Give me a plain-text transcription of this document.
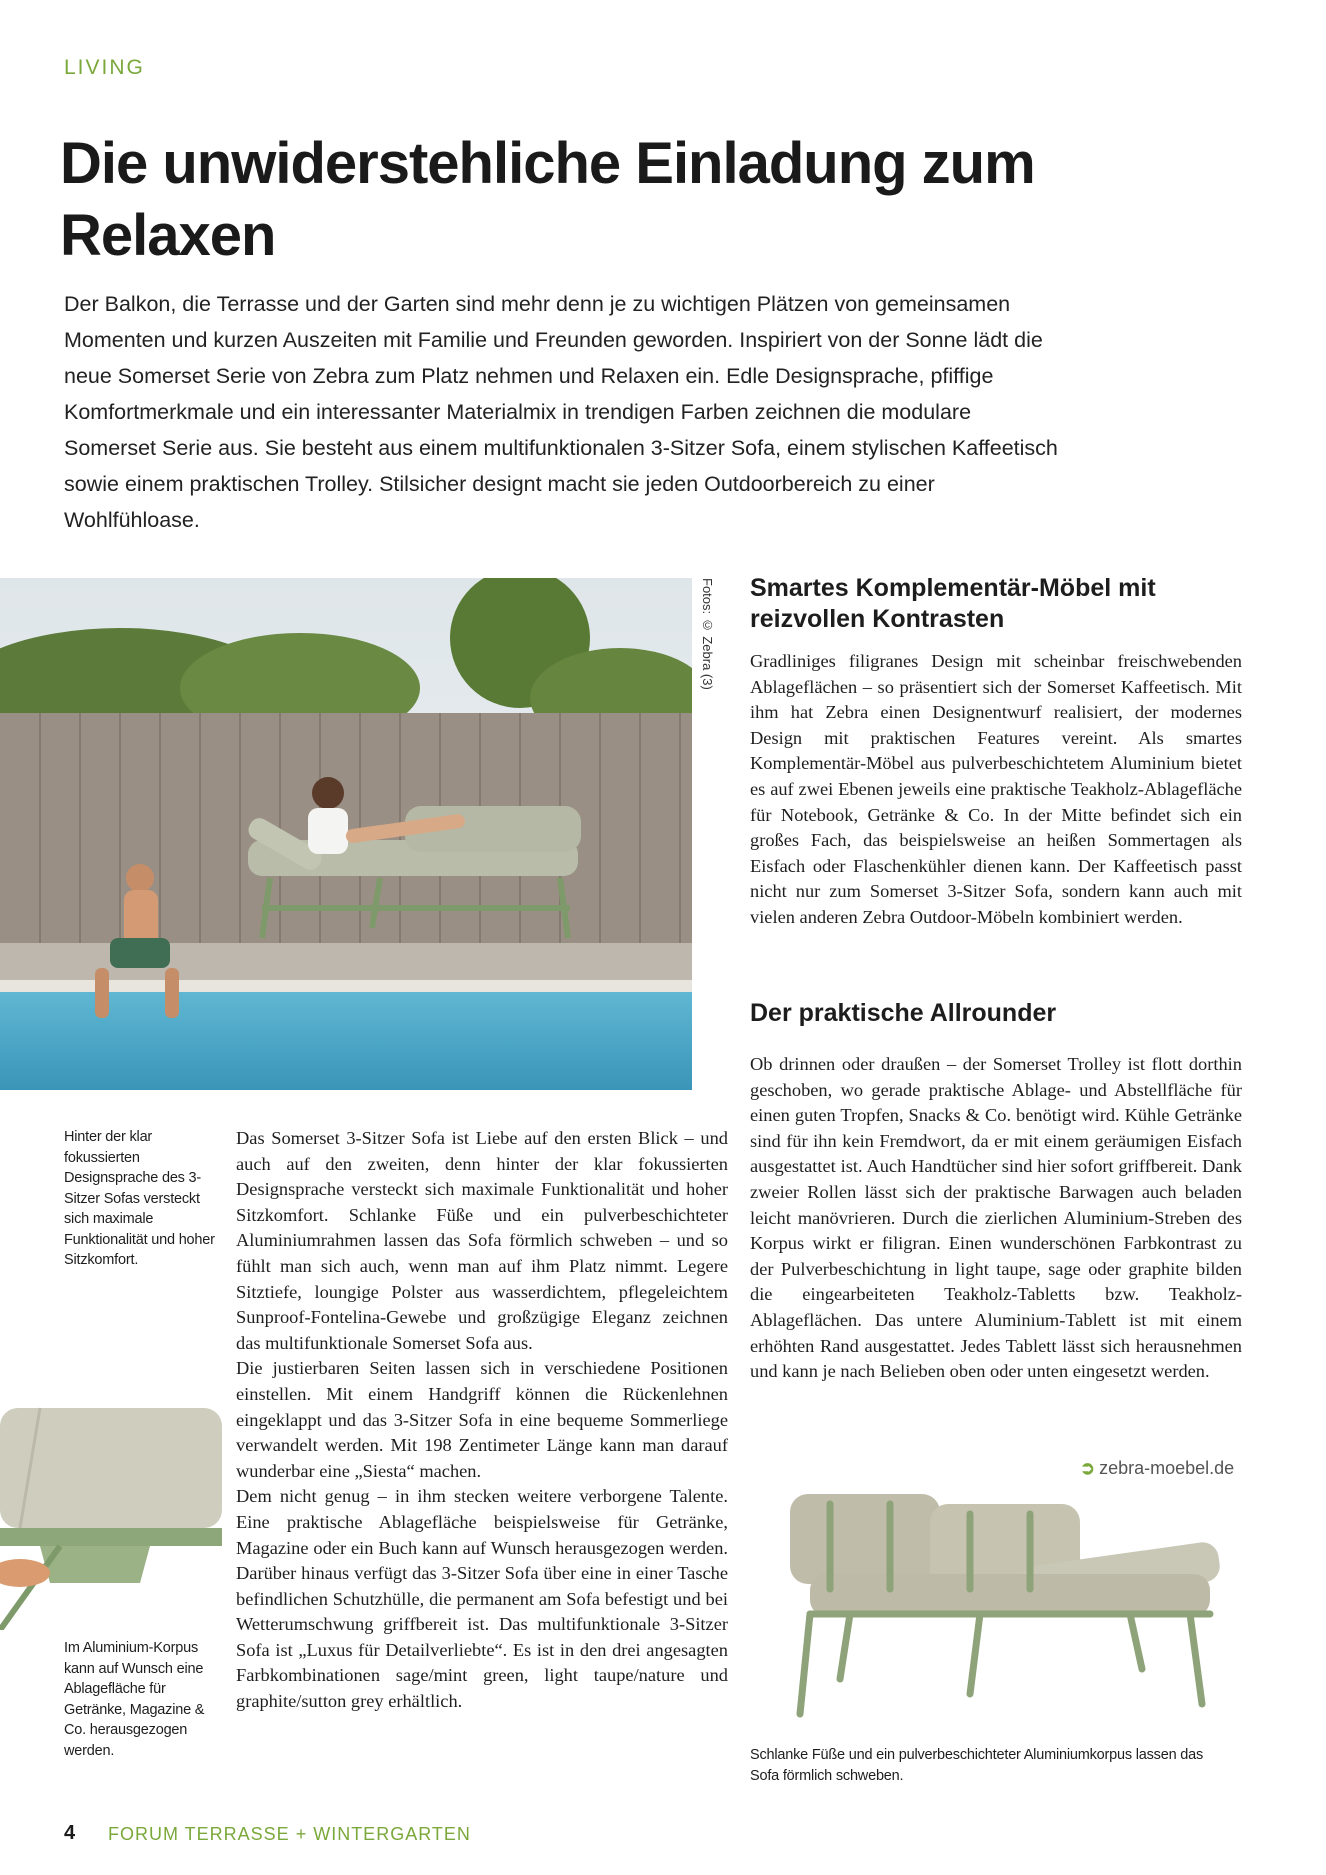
LIVING
Die unwiderstehliche Einladung zum Relaxen

Der Balkon, die Terrasse und der Garten sind mehr denn je zu wichtigen Plätzen von gemeinsamen Momenten und kurzen Auszeiten mit Familie und Freunden geworden. Inspiriert von der Sonne lädt die neue Somerset Serie von Zebra zum Platz nehmen und Relaxen ein. Edle Designsprache, pfiffige Komfortmerkmale und ein interessanter Materialmix in trendigen Farben zeichnen die modulare Somerset Serie aus. Sie besteht aus einem multifunktionalen 3-Sitzer Sofa, einem stylischen Kaffeetisch sowie einem praktischen Trolley. Stilsicher designt macht sie jeden Outdoorbereich zu einer Wohlfühloase.

Fotos: © Zebra (3) Smartes Komplementär-Möbel mit reizvollen Kontrasten

Gradliniges filigranes Design mit scheinbar freischwebenden Ablageflächen – so präsentiert sich der Somerset Kaffeetisch. Mit ihm hat Zebra einen Designentwurf realisiert, der modernes Design mit praktischen Features vereint. Als smartes Komplementär-Möbel aus pulverbeschichtetem Aluminium bietet es auf zwei Ebenen jeweils eine praktische Teakholz-Ablagefläche für Notebook, Getränke & Co. In der Mitte befindet sich ein großes Fach, das beispielsweise an heißen Sommertagen als Eisfach oder Flaschenkühler dienen kann. Der Kaffeetisch passt nicht nur zum Somerset 3-Sitzer Sofa, sondern kann auch mit vielen anderen Zebra Outdoor-Möbeln kombiniert werden.

Der praktische Allrounder

Ob drinnen oder draußen – der Somerset Trolley ist flott dorthin geschoben, wo gerade praktische Ablage- und Abstellfläche für einen guten Tropfen, Snacks & Co. benötigt wird. Kühle Getränke sind für ihn kein Fremdwort, da er mit einem geräumigen Eisfach ausgestattet ist. Auch Handtücher sind hier sofort griffbereit. Dank zweier Rollen lässt sich der praktische Barwagen auch beladen leicht manövrieren. Durch die zierlichen Aluminium-Streben des Korpus wirkt er filigran. Einen wunderschönen Farbkontrast zu der Pulverbeschichtung in light taupe, sage oder graphite bilden die eingearbeiteten Teakholz-Tabletts bzw. Teakholz-Ablageflächen. Das untere Aluminium-Tablett ist mit einem erhöhten Rand ausgestattet. Jedes Tablett lässt sich herausnehmen und kann je nach Belieben oben oder unten eingesetzt werden.

➲ zebra-moebel.de
Das Somerset 3-Sitzer Sofa ist Liebe auf den ersten Blick – und auch auf den zweiten, denn hinter der klar fokussierten Designsprache versteckt sich maximale Funktionalität und hoher Sitzkomfort. Schlanke Füße und ein pulverbeschichteter Aluminiumrahmen lassen das Sofa förmlich schweben – und so fühlt man sich auch, wenn man auf ihm Platz nimmt. Legere Sitztiefe, loungige Polster aus wasserdichtem, pflegeleichtem Sunproof-Fontelina-Gewebe und großzügige Eleganz zeichnen das multifunktionale Somerset Sofa aus.
Die justierbaren Seiten lassen sich in verschiedene Positionen einstellen. Mit einem Handgriff können die Rückenlehnen eingeklappt und das 3-Sitzer Sofa in eine bequeme Sommerliege verwandelt werden. Mit 198 Zentimeter Länge kann man darauf wunderbar eine „Siesta“ machen.
Dem nicht genug – in ihm stecken weitere verborgene Talente. Eine praktische Ablagefläche beispielsweise für Getränke, Magazine oder ein Buch kann auf Wunsch herausgezogen werden. Darüber hinaus verfügt das 3-Sitzer Sofa über eine in einer Tasche befindlichen Schutzhülle, die permanent am Sofa befestigt und bei Wetterumschwung griffbereit ist. Das multifunktionale 3-Sitzer Sofa ist „Luxus für Detailverliebte“. Es ist in den drei angesagten Farbkombinationen sage/mint green, light taupe/nature und graphite/sutton grey erhältlich.

Hinter der klar fokussierten Designsprache des 3-Sitzer Sofas versteckt sich maximale Funktionalität und hoher Sitzkomfort.

Im Aluminium-Korpus kann auf Wunsch eine Ablagefläche für Getränke, Magazine & Co. herausgezogen werden.	Schlanke Füße und ein pulverbeschichteter Aluminiumkorpus lassen das Sofa förmlich schweben.

4 FORUM TERRASSE + WINTERGARTEN
